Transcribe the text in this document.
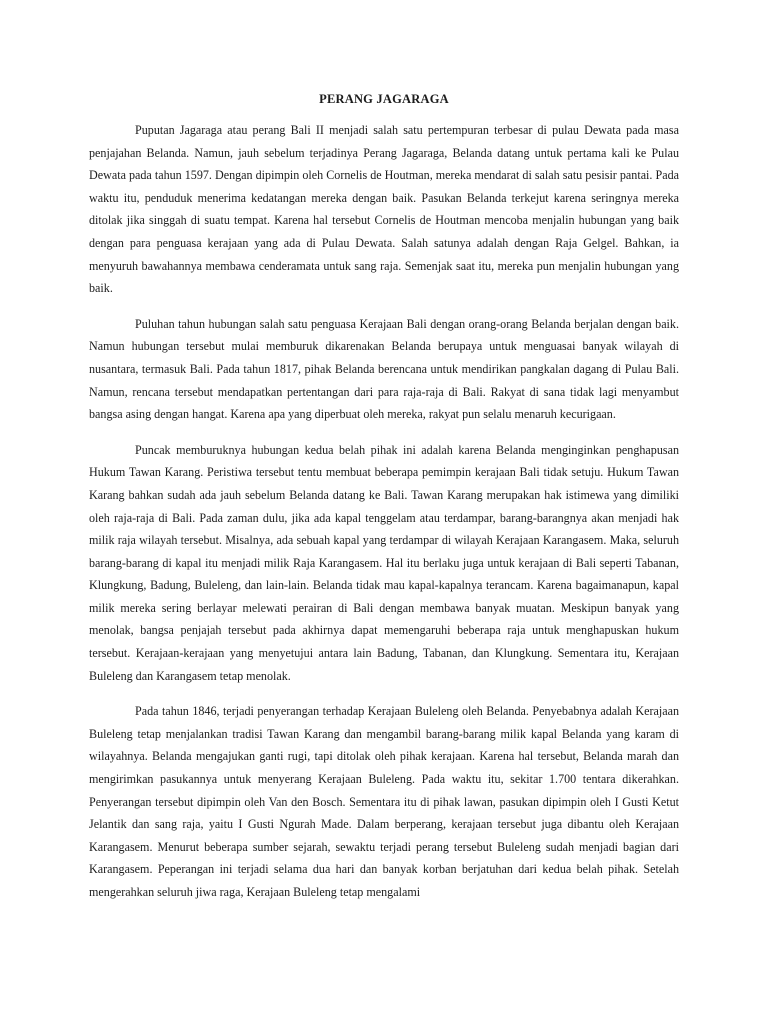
PERANG JAGARAGA

Puputan Jagaraga atau perang Bali II menjadi salah satu pertempuran terbesar di pulau Dewata pada masa penjajahan Belanda. Namun, jauh sebelum terjadinya Perang Jagaraga, Belanda datang untuk pertama kali ke Pulau Dewata pada tahun 1597. Dengan dipimpin oleh Cornelis de Houtman, mereka mendarat di salah satu pesisir pantai. Pada waktu itu, penduduk menerima kedatangan mereka dengan baik. Pasukan Belanda terkejut karena seringnya mereka ditolak jika singgah di suatu tempat. Karena hal tersebut Cornelis de Houtman mencoba menjalin hubungan yang baik dengan para penguasa kerajaan yang ada di Pulau Dewata. Salah satunya adalah dengan Raja Gelgel. Bahkan, ia menyuruh bawahannya membawa cenderamata untuk sang raja. Semenjak saat itu, mereka pun menjalin hubungan yang baik.

Puluhan tahun hubungan salah satu penguasa Kerajaan Bali dengan orang-orang Belanda berjalan dengan baik. Namun hubungan tersebut mulai memburuk dikarenakan Belanda berupaya untuk menguasai banyak wilayah di nusantara, termasuk Bali. Pada tahun 1817, pihak Belanda berencana untuk mendirikan pangkalan dagang di Pulau Bali. Namun, rencana tersebut mendapatkan pertentangan dari para raja-raja di Bali. Rakyat di sana tidak lagi menyambut bangsa asing dengan hangat. Karena apa yang diperbuat oleh mereka, rakyat pun selalu menaruh kecurigaan.

Puncak memburuknya hubungan kedua belah pihak ini adalah karena Belanda menginginkan penghapusan Hukum Tawan Karang. Peristiwa tersebut tentu membuat beberapa pemimpin kerajaan Bali tidak setuju. Hukum Tawan Karang bahkan sudah ada jauh sebelum Belanda datang ke Bali. Tawan Karang merupakan hak istimewa yang dimiliki oleh raja-raja di Bali. Pada zaman dulu, jika ada kapal tenggelam atau terdampar, barang-barangnya akan menjadi hak milik raja wilayah tersebut. Misalnya, ada sebuah kapal yang terdampar di wilayah Kerajaan Karangasem. Maka, seluruh barang-barang di kapal itu menjadi milik Raja Karangasem. Hal itu berlaku juga untuk kerajaan di Bali seperti Tabanan, Klungkung, Badung, Buleleng, dan lain-lain. Belanda tidak mau kapal-kapalnya terancam. Karena bagaimanapun, kapal milik mereka sering berlayar melewati perairan di Bali dengan membawa banyak muatan. Meskipun banyak yang menolak, bangsa penjajah tersebut pada akhirnya dapat memengaruhi beberapa raja untuk menghapuskan hukum tersebut. Kerajaan-kerajaan yang menyetujui antara lain Badung, Tabanan, dan Klungkung. Sementara itu, Kerajaan Buleleng dan Karangasem tetap menolak.

Pada tahun 1846, terjadi penyerangan terhadap Kerajaan Buleleng oleh Belanda. Penyebabnya adalah Kerajaan Buleleng tetap menjalankan tradisi Tawan Karang dan mengambil barang-barang milik kapal Belanda yang karam di wilayahnya. Belanda mengajukan ganti rugi, tapi ditolak oleh pihak kerajaan. Karena hal tersebut, Belanda marah dan mengirimkan pasukannya untuk menyerang Kerajaan Buleleng. Pada waktu itu, sekitar 1.700 tentara dikerahkan. Penyerangan tersebut dipimpin oleh Van den Bosch. Sementara itu di pihak lawan, pasukan dipimpin oleh I Gusti Ketut Jelantik dan sang raja, yaitu I Gusti Ngurah Made. Dalam berperang, kerajaan tersebut juga dibantu oleh Kerajaan Karangasem. Menurut beberapa sumber sejarah, sewaktu terjadi perang tersebut Buleleng sudah menjadi bagian dari Karangasem. Peperangan ini terjadi selama dua hari dan banyak korban berjatuhan dari kedua belah pihak. Setelah mengerahkan seluruh jiwa raga, Kerajaan Buleleng tetap mengalami
